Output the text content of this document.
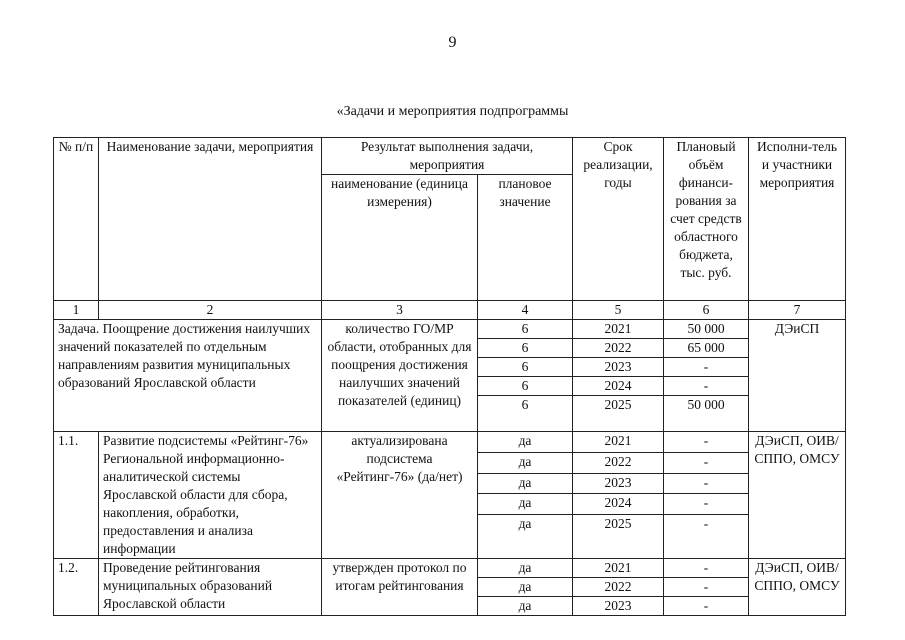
9
«Задачи и мероприятия подпрограммы
№ п/п	Наименование задачи, мероприятия	Результат выполнения задачи, мероприятия		Срок реализации, годы	Плановый объём финанси-рования за счет средств областного бюджета, тыс. руб.	Исполни-тель и участники мероприятия
		наименование (единица измерения)	плановое значение			
1	2	3	4	5	6	7
Задача. Поощрение достижения наилучших значений показателей по отдельным направлениям развития муниципальных образований Ярославской области		количество ГО/МР области, отобранных для поощрения достижения наилучших значений показателей (единиц)	6	2021	50 000	ДЭиСП
			6	2022	65 000	
			6	2023	-	
			6	2024	-	
			6	2025	50 000	
1.1.	Развитие подсистемы «Рейтинг-76» Региональной информационно-аналитической системы Ярославской области для сбора, накопления, обработки, предоставления и анализа информации	актуализирована подсистема «Рейтинг-76» (да/нет)	да	2021	-	ДЭиСП, ОИВ/СППО, ОМСУ
			да	2022	-	
			да	2023	-	
			да	2024	-	
			да	2025	-	
1.2.	Проведение рейтингования муниципальных образований Ярославской области	утвержден протокол по итогам рейтингования	да	2021	-	ДЭиСП, ОИВ/СППО, ОМСУ
			да	2022	-	
			да	2023	-	
